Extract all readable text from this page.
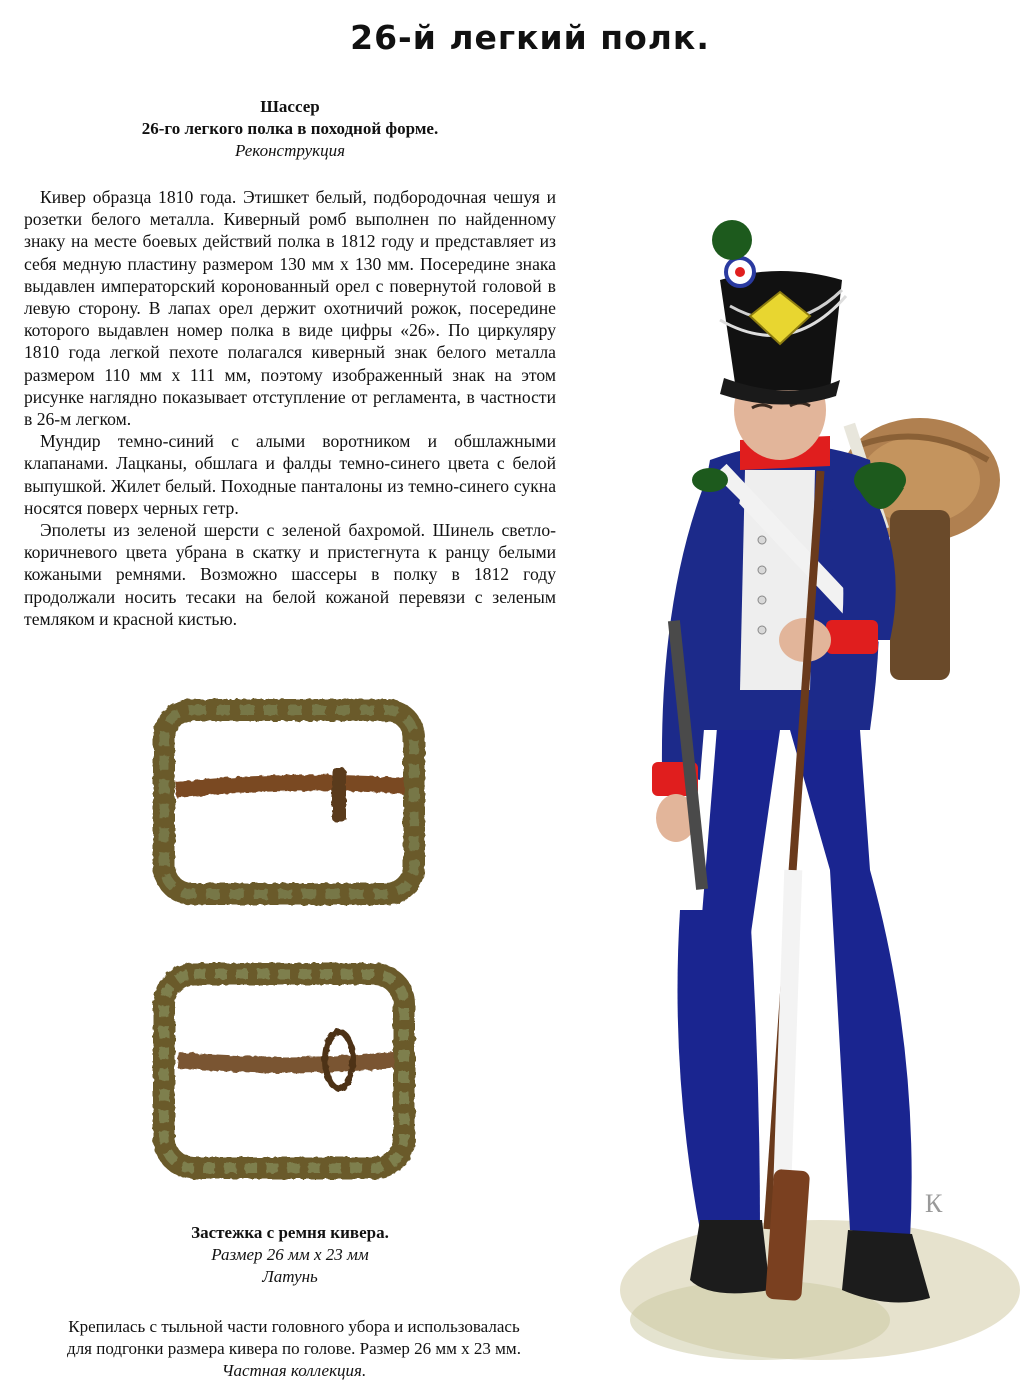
26-й легкий полк.
Шассер
26-го легкого полка в походной форме.
Реконструкция

Кивер образца 1810 года. Этишкет белый, подбородочная чешуя и розетки белого металла. Киверный ромб выполнен по найденному знаку на месте боевых действий полка в 1812 году и представляет из себя медную пластину размером 130 мм х 130 мм. Посередине знака выдавлен императорский коронованный орел с повернутой головой в левую сторону. В лапах орел держит охотничий рожок, посередине которого выдавлен номер полка в виде цифры «26». По циркуляру 1810 года легкой пехоте полагался киверный знак белого металла размером 110 мм х 111 мм, поэтому изображенный знак на этом рисунке наглядно показывает отступление от регламента, в частности в 26-м легком.

Мундир темно-синий с алыми воротником и обшлажными клапанами. Лацканы, обшлага и фалды темно-синего цвета с белой выпушкой. Жилет белый. Походные панталоны из темно-синего сукна носятся поверх черных гетр.

Эполеты из зеленой шерсти с зеленой бахромой. Шинель светло-коричневого цвета убрана в скатку и пристегнута к ранцу белыми кожаными ремнями. Возможно шассеры в полку в 1812 году продолжали носить тесаки на белой кожаной перевязи с зеленым темляком и красной кистью.

Застежка с ремня кивера.
Размер 26 мм х 23 мм
Латунь
Крепилась с тыльной части головного убора и использовалась
для подгонки размера кивера по голове. Размер 26 мм х 23 мм.
Частная коллекция.
К
